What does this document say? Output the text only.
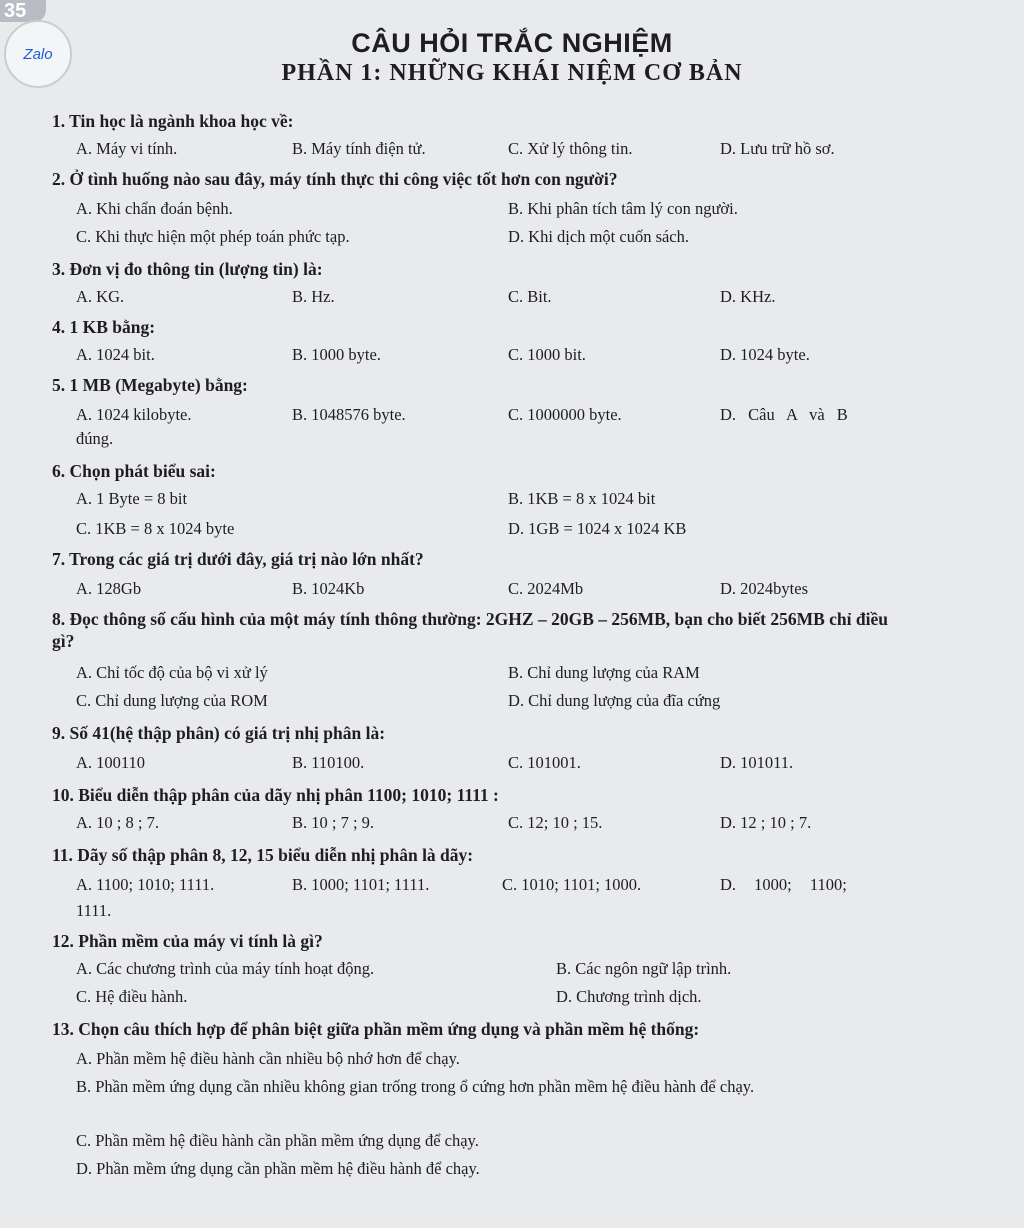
35
Zalo	CÂU HỎI TRẮC NGHIỆM
PHẦN 1: NHỮNG KHÁI NIỆM CƠ BẢN
1. Tin học là ngành khoa học về:
A. Máy vi tính.	B. Máy tính điện tử.	C. Xử lý thông tin.	D. Lưu trữ hồ sơ.
2. Ở tình huống nào sau đây, máy tính thực thi công việc tốt hơn con người?
A. Khi chẩn đoán bệnh.	B. Khi phân tích tâm lý con người.
C. Khi thực hiện một phép toán phức tạp.	D. Khi dịch một cuốn sách.
3. Đơn vị đo thông tin (lượng tin) là:
A. KG.	B. Hz.	C. Bit.	D. KHz.
4. 1 KB bằng:
A. 1024 bit.	B. 1000 byte.	C. 1000 bit.	D. 1024 byte.
5. 1 MB (Megabyte) bằng:
A. 1024 kilobyte.	B. 1048576 byte.	C. 1000000 byte.	D. Câu A và B
đúng.
6. Chọn phát biểu sai:
A. 1 Byte = 8 bit	B. 1KB = 8 x 1024 bit
C. 1KB = 8 x 1024 byte	D. 1GB = 1024 x 1024 KB
7. Trong các giá trị dưới đây, giá trị nào lớn nhất?
A. 128Gb	B. 1024Kb	C. 2024Mb	D. 2024bytes
8. Đọc thông số cấu hình của một máy tính thông thường: 2GHZ – 20GB – 256MB, bạn cho biết 256MB chỉ điều gì?
A. Chỉ tốc độ của bộ vi xử lý	B. Chỉ dung lượng của RAM
C. Chỉ dung lượng của ROM	D. Chỉ dung lượng của đĩa cứng
9. Số 41(hệ thập phân) có giá trị nhị phân là:
A. 100110	B. 110100.	C. 101001.	D. 101011.
10. Biểu diễn thập phân của dãy nhị phân 1100; 1010; 1111 :
A. 10 ; 8 ; 7.	B. 10 ; 7 ; 9.	C. 12; 10 ; 15.	D. 12 ; 10 ; 7.
11. Dãy số thập phân 8, 12, 15 biểu diễn nhị phân là dãy:
A. 1100; 1010; 1111.	B. 1000; 1101; 1111.	C. 1010; 1101; 1000.	D. 1000; 1100;
1111.
12. Phần mềm của máy vi tính là gì?
A. Các chương trình của máy tính hoạt động.	B. Các ngôn ngữ lập trình.
C. Hệ điều hành.	D. Chương trình dịch.
13. Chọn câu thích hợp để phân biệt giữa phần mềm ứng dụng và phần mềm hệ thống:
A. Phần mềm hệ điều hành cần nhiều bộ nhớ hơn để chạy.
B. Phần mềm ứng dụng cần nhiều không gian trống trong ổ cứng hơn phần mềm hệ điều hành để chạy.
C. Phần mềm hệ điều hành cần phần mềm ứng dụng để chạy.
D. Phần mềm ứng dụng cần phần mềm hệ điều hành để chạy.
